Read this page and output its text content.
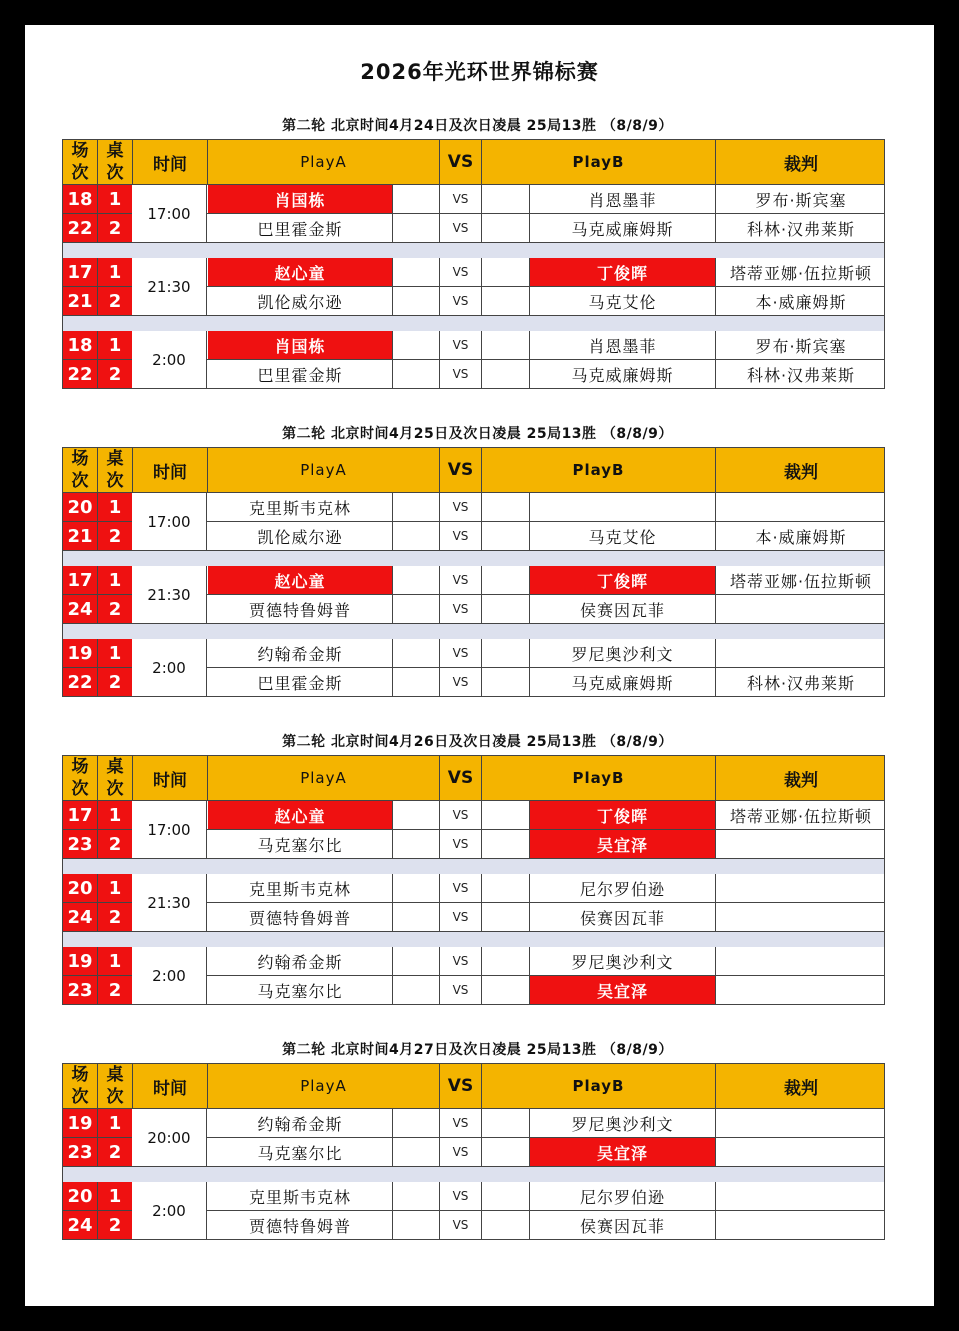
2026年光环世界锦标赛
第二轮 北京时间4月24日及次日凌晨 25局13胜 （8/8/9）
场
次
桌
次 时间	PlayA	VS	PlayB	裁判
18 1	肖国栋	VS	肖恩墨菲	罗布·斯宾塞
22 2	巴里霍金斯	VS	马克威廉姆斯	科林·汉弗莱斯
17:00
17 1	赵心童	VS	丁俊晖	塔蒂亚娜·伍拉斯顿
21 2	凯伦威尔逊	VS	马克艾伦	本·威廉姆斯
21:30
18 1	肖国栋	VS	肖恩墨菲	罗布·斯宾塞
22 2	巴里霍金斯	VS	马克威廉姆斯	科林·汉弗莱斯
2:00
第二轮 北京时间4月25日及次日凌晨 25局13胜 （8/8/9）
场
次
桌
次 时间	PlayA	VS	PlayB	裁判
20 1	克里斯韦克林	VS
21 2	凯伦威尔逊	VS	马克艾伦	本·威廉姆斯
17:00
17 1	赵心童	VS	丁俊晖	塔蒂亚娜·伍拉斯顿
24 2	贾德特鲁姆普	VS	侯赛因瓦菲
21:30
19 1	约翰希金斯	VS	罗尼奥沙利文
22 2	巴里霍金斯	VS	马克威廉姆斯	科林·汉弗莱斯
2:00
第二轮 北京时间4月26日及次日凌晨 25局13胜 （8/8/9）
场
次
桌
次 时间	PlayA	VS	PlayB	裁判
17 1	赵心童	VS	丁俊晖	塔蒂亚娜·伍拉斯顿
23 2	马克塞尔比	VS	吴宜泽
17:00
20 1	克里斯韦克林	VS	尼尔罗伯逊
24 2	贾德特鲁姆普	VS	侯赛因瓦菲
21:30
19 1	约翰希金斯	VS	罗尼奥沙利文
23 2	马克塞尔比	VS	吴宜泽
2:00
第二轮 北京时间4月27日及次日凌晨 25局13胜 （8/8/9）
场
次
桌
次 时间	PlayA	VS	PlayB	裁判
19 1	约翰希金斯	VS	罗尼奥沙利文
23 2	马克塞尔比	VS	吴宜泽
20:00
20 1	克里斯韦克林	VS	尼尔罗伯逊
24 2	贾德特鲁姆普	VS	侯赛因瓦菲
2:00
